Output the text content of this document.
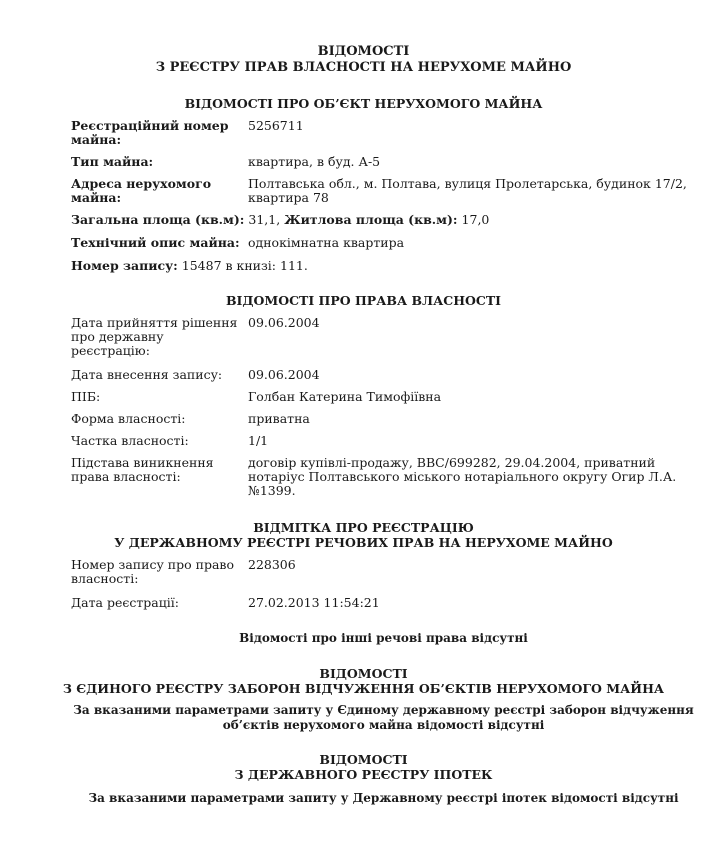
ВІДОМОСТІ
З РЕЄСТРУ ПРАВ ВЛАСНОСТІ НА НЕРУХОМЕ МАЙНО
ВІДОМОСТІ ПРО ОБ’ЄКТ НЕРУХОМОГО МАЙНА
Реєстраційний номер майна:
5256711
Тип майна:	квартира, в буд. А-5
Адреса нерухомого майна:
Полтавська обл., м. Полтава, вулиця Пролетарська, будинок 17/2, квартира 78
Загальна площа (кв.м): 31,1, Житлова площа (кв.м): 17,0
Технічний опис майна: однокімнатна квартира
Номер запису: 15487 в книзі: 111.
ВІДОМОСТІ ПРО ПРАВА ВЛАСНОСТІ
Дата прийняття рішення про державну реєстрацію:
09.06.2004
Дата внесення запису:	09.06.2004
ПІБ:	Голбан Катерина Тимофіївна
Форма власності:	приватна
Частка власності:	1/1
Підстава виникнення права власності:
договір купівлі-продажу, ВВС/699282, 29.04.2004, приватний нотаріус Полтавського міського нотаріального округу Огир Л.А.№1399.
ВІДМІТКА ПРО РЕЄСТРАЦІЮ
У ДЕРЖАВНОМУ РЕЄСТРІ РЕЧОВИХ ПРАВ НА НЕРУХОМЕ МАЙНО
Номер запису про право власності:
228306
Дата реєстрації:	27.02.2013 11:54:21
Відомості про інші речові права відсутні
ВІДОМОСТІ
З ЄДИНОГО РЕЄСТРУ ЗАБОРОН ВІДЧУЖЕННЯ ОБ’ЄКТІВ НЕРУХОМОГО МАЙНА
За вказаними параметрами запиту у Єдиному державному реєстрі заборон відчуження об’єктів нерухомого майна відомості відсутні
ВІДОМОСТІ
З ДЕРЖАВНОГО РЕЄСТРУ ІПОТЕК
За вказаними параметрами запиту у Державному реєстрі іпотек відомості відсутні
